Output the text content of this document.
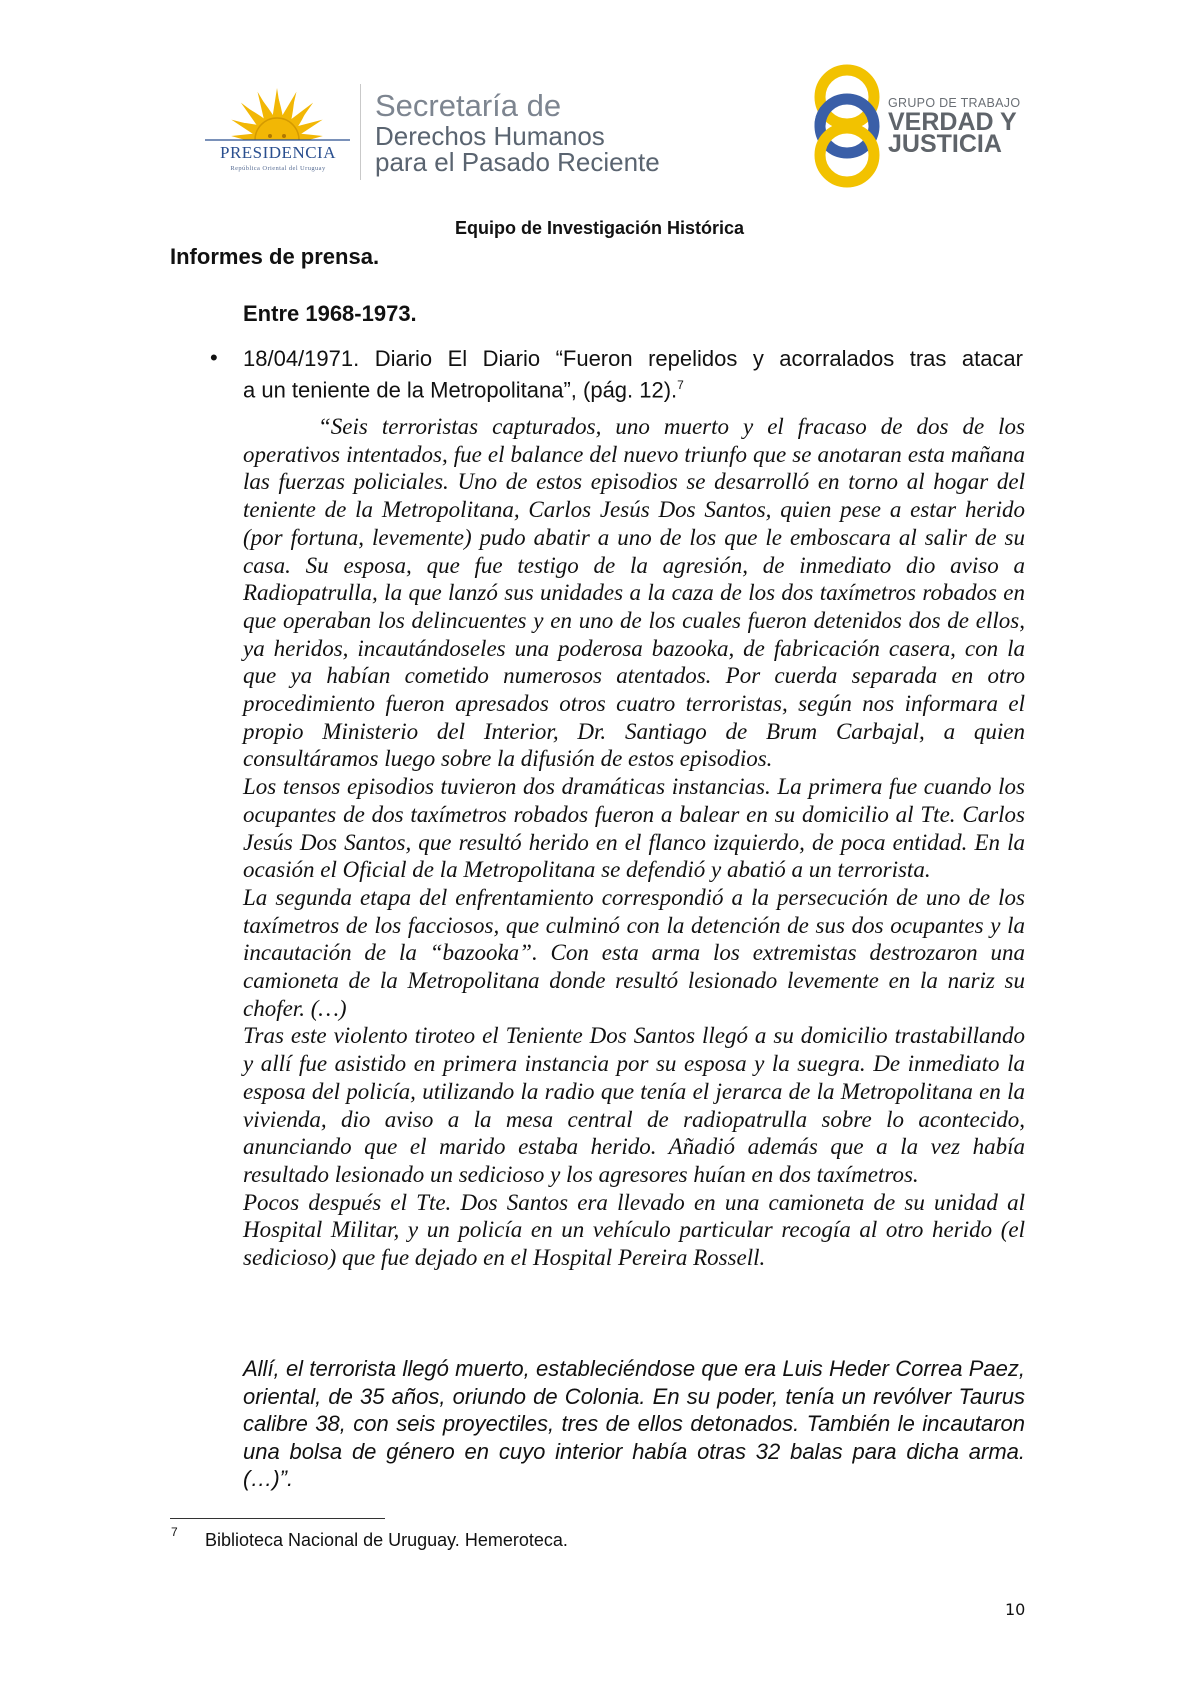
PRESIDENCIA
República Oriental del Uruguay
Secretaría de
Derechos Humanos
para el Pasado Reciente
GRUPO DE TRABAJO
VERDAD Y
JUSTICIA
Equipo de Investigación Histórica
Informes de prensa.
Entre 1968-1973.
• 18/04/1971. Diario El Diario “Fueron repelidos y acorralados tras atacar
a un teniente de la Metropolitana”, (pág. 12).$^7$

“Seis terroristas capturados, uno muerto y el fracaso de dos de los operativos intentados, fue el balance del nuevo triunfo que se anotaran esta mañana las fuerzas policiales. Uno de estos episodios se desarrolló en torno al hogar del teniente de la Metropolitana, Carlos Jesús Dos Santos, quien pese a estar herido (por fortuna, levemente) pudo abatir a uno de los que le emboscara al salir de su casa. Su esposa, que fue testigo de la agresión, de inmediato dio aviso a Radiopatrulla, la que lanzó sus unidades a la caza de los dos taxímetros robados en que operaban los delincuentes y en uno de los cuales fueron detenidos dos de ellos, ya heridos, incautándoseles una poderosa bazooka, de fabricación casera, con la que ya habían cometido numerosos atentados. Por cuerda separada en otro procedimiento fueron apresados otros cuatro terroristas, según nos informara el propio Ministerio del Interior, Dr. Santiago de Brum Carbajal, a quien consultáramos luego sobre la difusión de estos episodios.

Los tensos episodios tuvieron dos dramáticas instancias. La primera fue cuando los ocupantes de dos taxímetros robados fueron a balear en su domicilio al Tte. Carlos Jesús Dos Santos, que resultó herido en el flanco izquierdo, de poca entidad. En la ocasión el Oficial de la Metropolitana se defendió y abatió a un terrorista.

La segunda etapa del enfrentamiento correspondió a la persecución de uno de los taxímetros de los facciosos, que culminó con la detención de sus dos ocupantes y la incautación de la “bazooka”. Con esta arma los extremistas destrozaron una camioneta de la Metropolitana donde resultó lesionado levemente en la nariz su chofer. (…)

Tras este violento tiroteo el Teniente Dos Santos llegó a su domicilio trastabillando y allí fue asistido en primera instancia por su esposa y la suegra. De inmediato la esposa del policía, utilizando la radio que tenía el jerarca de la Metropolitana en la vivienda, dio aviso a la mesa central de radiopatrulla sobre lo acontecido, anunciando que el marido estaba herido. Añadió además que a la vez había resultado lesionado un sedicioso y los agresores huían en dos taxímetros.

Pocos después el Tte. Dos Santos era llevado en una camioneta de su unidad al Hospital Militar, y un policía en un vehículo particular recogía al otro herido (el sedicioso) que fue dejado en el Hospital Pereira Rossell.

Allí, el terrorista llegó muerto, estableciéndose que era Luis Heder Correa Paez, oriental, de 35 años, oriundo de Colonia. En su poder, tenía un revólver Taurus calibre 38, con seis proyectiles, tres de ellos detonados. También le incautaron una bolsa de género en cuyo interior había otras 32 balas para dicha arma. (…)”.
7 Biblioteca Nacional de Uruguay. Hemeroteca.
10
